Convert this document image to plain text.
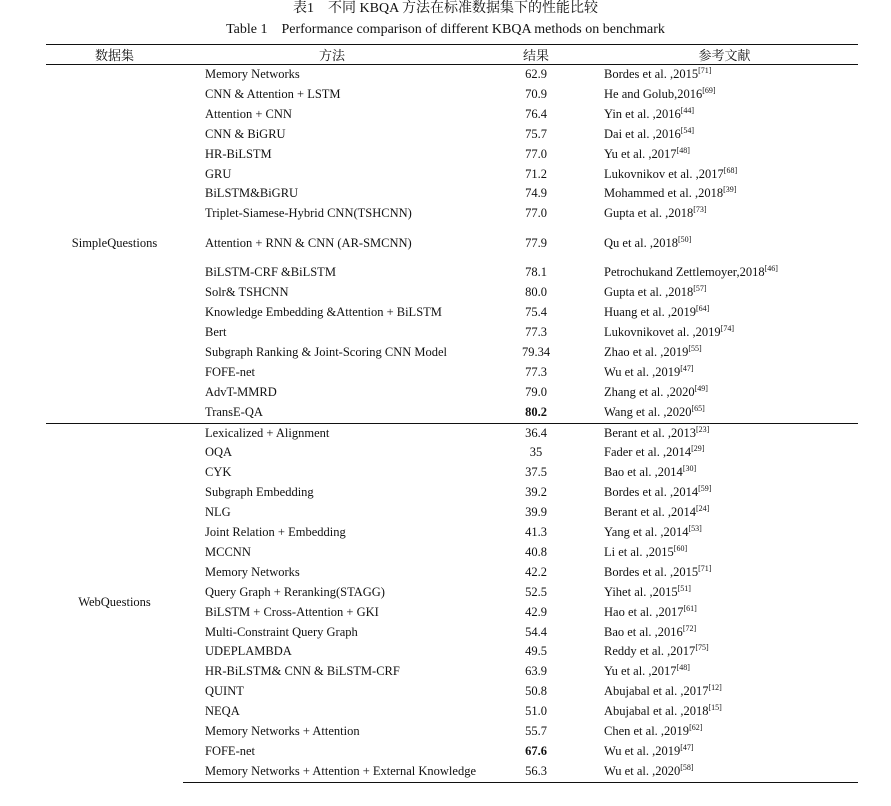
表1　不同 KBQA 方法在标准数据集下的性能比较
Table 1　Performance comparison of different KBQA methods on benchmark
数据集	方法	结果	参考文献
SimpleQuestions	Memory Networks	62.9	Bordes et al. ,2015[71]
	CNN & Attention + LSTM	70.9	He and Golub,2016[69]
	Attention + CNN	76.4	Yin et al. ,2016[44]
	CNN & BiGRU	75.7	Dai et al. ,2016[54]
	HR-BiLSTM	77.0	Yu et al. ,2017[48]
	GRU	71.2	Lukovnikov et al. ,2017[68]
	BiLSTM&BiGRU	74.9	Mohammed et al. ,2018[39]
	Triplet-Siamese-Hybrid CNN(TSHCNN)	77.0	Gupta et al. ,2018[73]
	Attention + RNN & CNN (AR-SMCNN)	77.9	Qu et al. ,2018[50]
	BiLSTM-CRF &BiLSTM	78.1	Petrochukand Zettlemoyer,2018[46]
	Solr& TSHCNN	80.0	Gupta et al. ,2018[57]
	Knowledge Embedding &Attention + BiLSTM	75.4	Huang et al. ,2019[64]
	Bert	77.3	Lukovnikovet al. ,2019[74]
	Subgraph Ranking & Joint-Scoring CNN Model	79.34	Zhao et al. ,2019[55]
	FOFE-net	77.3	Wu et al. ,2019[47]
	AdvT-MMRD	79.0	Zhang et al. ,2020[49]
	TransE-QA	80.2	Wang et al. ,2020[65]
WebQuestions	Lexicalized + Alignment	36.4	Berant et al. ,2013[23]
	OQA	35	Fader et al. ,2014[29]
	CYK	37.5	Bao et al. ,2014[30]
	Subgraph Embedding	39.2	Bordes et al. ,2014[59]
	NLG	39.9	Berant et al. ,2014[24]
	Joint Relation + Embedding	41.3	Yang et al. ,2014[53]
	MCCNN	40.8	Li et al. ,2015[60]
	Memory Networks	42.2	Bordes et al. ,2015[71]
	Query Graph + Reranking(STAGG)	52.5	Yihet al. ,2015[51]
	BiLSTM + Cross-Attention + GKI	42.9	Hao et al. ,2017[61]
	Multi-Constraint Query Graph	54.4	Bao et al. ,2016[72]
	UDEPLAMBDA	49.5	Reddy et al. ,2017[75]
	HR-BiLSTM& CNN & BiLSTM-CRF	63.9	Yu et al. ,2017[48]
	QUINT	50.8	Abujabal et al. ,2017[12]
	NEQA	51.0	Abujabal et al. ,2018[15]
	Memory Networks + Attention	55.7	Chen et al. ,2019[62]
	FOFE-net	67.6	Wu et al. ,2019[47]
	Memory Networks + Attention + External Knowledge	56.3	Wu et al. ,2020[58]
